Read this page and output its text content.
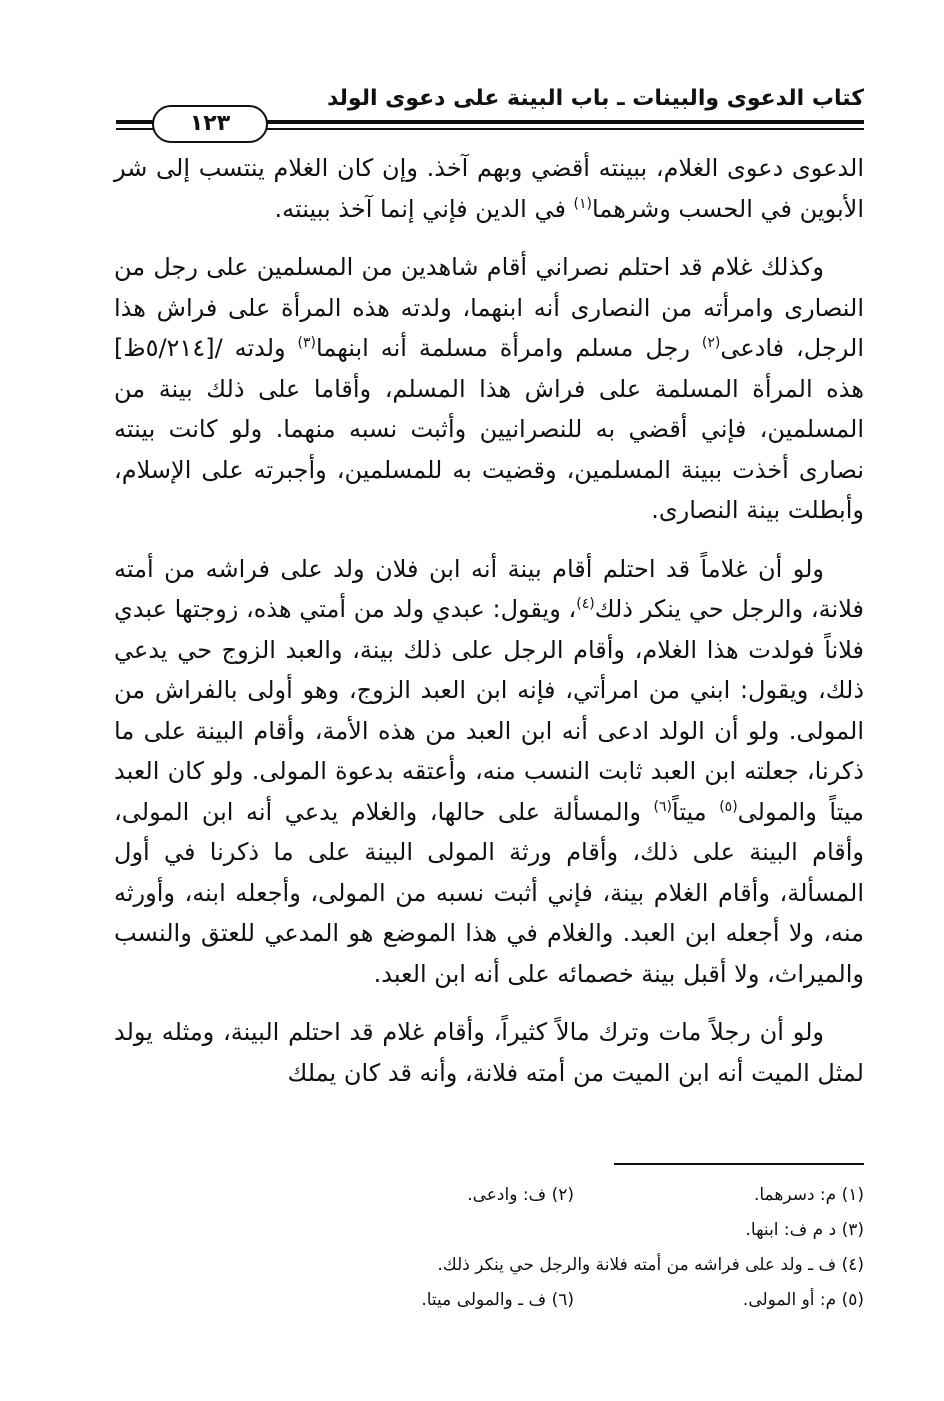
كتاب الدعوى والبينات ـ باب البينة على دعوى الولد
١٢٣

الدعوى دعوى الغلام، ببينته أقضي وبهم آخذ. وإن كان الغلام ينتسب إلى شر الأبوين في الحسب وشرهما$^{(١)}$ في الدين فإني إنما آخذ ببينته.

وكذلك غلام قد احتلم نصراني أقام شاهدين من المسلمين على رجل من النصارى وامرأته من النصارى أنه ابنهما، ولدته هذه المرأة على فراش هذا الرجل، فادعى$^{(٢)}$ رجل مسلم وامرأة مسلمة أنه ابنهما$^{(٣)}$ ولدته /[٥/٢١٤ظ] هذه المرأة المسلمة على فراش هذا المسلم، وأقاما على ذلك بينة من المسلمين، فإني أقضي به للنصرانيين وأثبت نسبه منهما. ولو كانت بينته نصارى أخذت ببينة المسلمين، وقضيت به للمسلمين، وأجبرته على الإسلام، وأبطلت بينة النصارى.

ولو أن غلاماً قد احتلم أقام بينة أنه ابن فلان ولد على فراشه من أمته فلانة، والرجل حي ينكر ذلك$^{(٤)}$، ويقول: عبدي ولد من أمتي هذه، زوجتها عبدي فلاناً فولدت هذا الغلام، وأقام الرجل على ذلك بينة، والعبد الزوج حي يدعي ذلك، ويقول: ابني من امرأتي، فإنه ابن العبد الزوج، وهو أولى بالفراش من المولى. ولو أن الولد ادعى أنه ابن العبد من هذه الأمة، وأقام البينة على ما ذكرنا، جعلته ابن العبد ثابت النسب منه، وأعتقه بدعوة المولى. ولو كان العبد ميتاً والمولى$^{(٥)}$ ميتاً$^{(٦)}$ والمسألة على حالها، والغلام يدعي أنه ابن المولى، وأقام البينة على ذلك، وأقام ورثة المولى البينة على ما ذكرنا في أول المسألة، وأقام الغلام بينة، فإني أثبت نسبه من المولى، وأجعله ابنه، وأورثه منه، ولا أجعله ابن العبد. والغلام في هذا الموضع هو المدعي للعتق والنسب والميراث، ولا أقبل بينة خصمائه على أنه ابن العبد.

ولو أن رجلاً مات وترك مالاً كثيراً، وأقام غلام قد احتلم البينة، ومثله يولد لمثل الميت أنه ابن الميت من أمته فلانة، وأنه قد كان يملك

(١) م: دسرهما.
(٢) ف: وادعى.
(٣) د م ف: ابنها.
(٤) ف ـ ولد على فراشه من أمته فلانة والرجل حي ينكر ذلك.
(٥) م: أو المولى.
(٦) ف ـ والمولى ميتا.
